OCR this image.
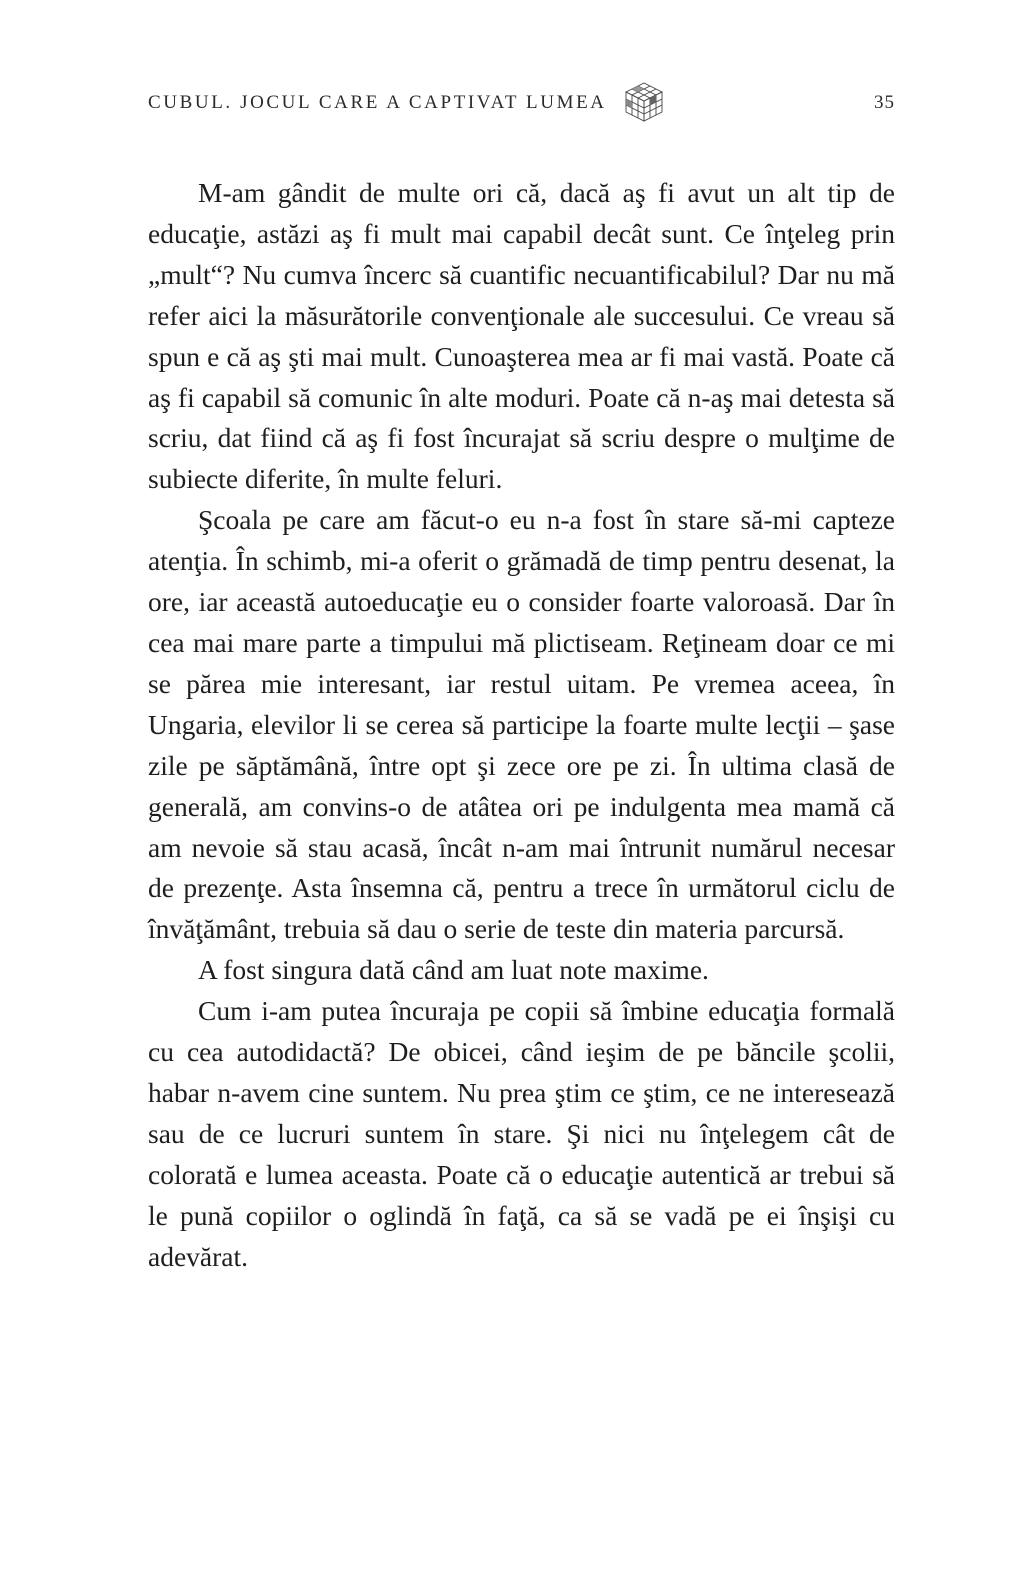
CUBUL. JOCUL CARE A CAPTIVAT LUMEA	35

M-am gândit de multe ori că, dacă aş fi avut un alt tip de educaţie, astăzi aş fi mult mai capabil decât sunt. Ce înţeleg prin „mult“? Nu cumva încerc să cuantific necuantificabilul? Dar nu mă refer aici la măsurătorile convenţionale ale succesului. Ce vreau să spun e că aş şti mai mult. Cunoaşterea mea ar fi mai vastă. Poate că aş fi capabil să comunic în alte moduri. Poate că n-aş mai detesta să scriu, dat fiind că aş fi fost încurajat să scriu despre o mulţime de subiecte diferite, în multe feluri.

Şcoala pe care am făcut-o eu n-a fost în stare să-mi capteze atenţia. În schimb, mi-a oferit o grămadă de timp pentru desenat, la ore, iar această autoeducaţie eu o consider foarte valoroasă. Dar în cea mai mare parte a timpului mă plictiseam. Reţineam doar ce mi se părea mie interesant, iar restul uitam. Pe vremea aceea, în Ungaria, elevilor li se cerea să participe la foarte multe lecţii – şase zile pe săptămână, între opt şi zece ore pe zi. În ultima clasă de generală, am convins-o de atâtea ori pe indulgenta mea mamă că am nevoie să stau acasă, încât n-am mai întrunit numărul necesar de prezenţe. Asta însemna că, pentru a trece în următorul ciclu de învăţământ, trebuia să dau o serie de teste din materia parcursă.

A fost singura dată când am luat note maxime.

Cum i-am putea încuraja pe copii să îmbine educaţia formală cu cea autodidactă? De obicei, când ieşim de pe băncile şcolii, habar n-avem cine suntem. Nu prea ştim ce ştim, ce ne interesează sau de ce lucruri suntem în stare. Şi nici nu înţelegem cât de colorată e lumea aceasta. Poate că o educaţie autentică ar trebui să le pună copiilor o oglindă în faţă, ca să se vadă pe ei înşişi cu adevărat.
